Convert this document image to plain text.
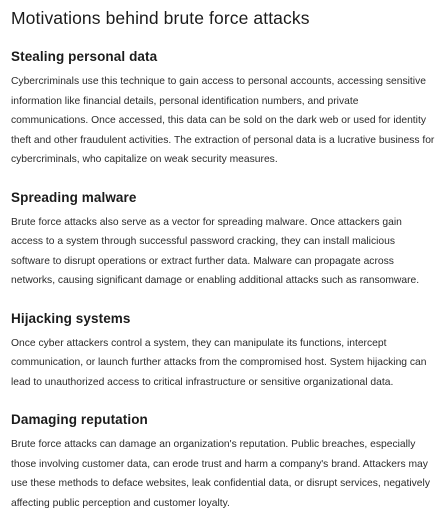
Motivations behind brute force attacks
Stealing personal data

Cybercriminals use this technique to gain access to personal accounts, accessing sensitive information like financial details, personal identification numbers, and private communications. Once accessed, this data can be sold on the dark web or used for identity theft and other fraudulent activities. The extraction of personal data is a lucrative business for cybercriminals, who capitalize on weak security measures.

Spreading malware

Brute force attacks also serve as a vector for spreading malware. Once attackers gain access to a system through successful password cracking, they can install malicious software to disrupt operations or extract further data. Malware can propagate across networks, causing significant damage or enabling additional attacks such as ransomware.

Hijacking systems

Once cyber attackers control a system, they can manipulate its functions, intercept communication, or launch further attacks from the compromised host. System hijacking can lead to unauthorized access to critical infrastructure or sensitive organizational data.

Damaging reputation

Brute force attacks can damage an organization's reputation. Public breaches, especially those involving customer data, can erode trust and harm a company's brand. Attackers may use these methods to deface websites, leak confidential data, or disrupt services, negatively affecting public perception and customer loyalty.
